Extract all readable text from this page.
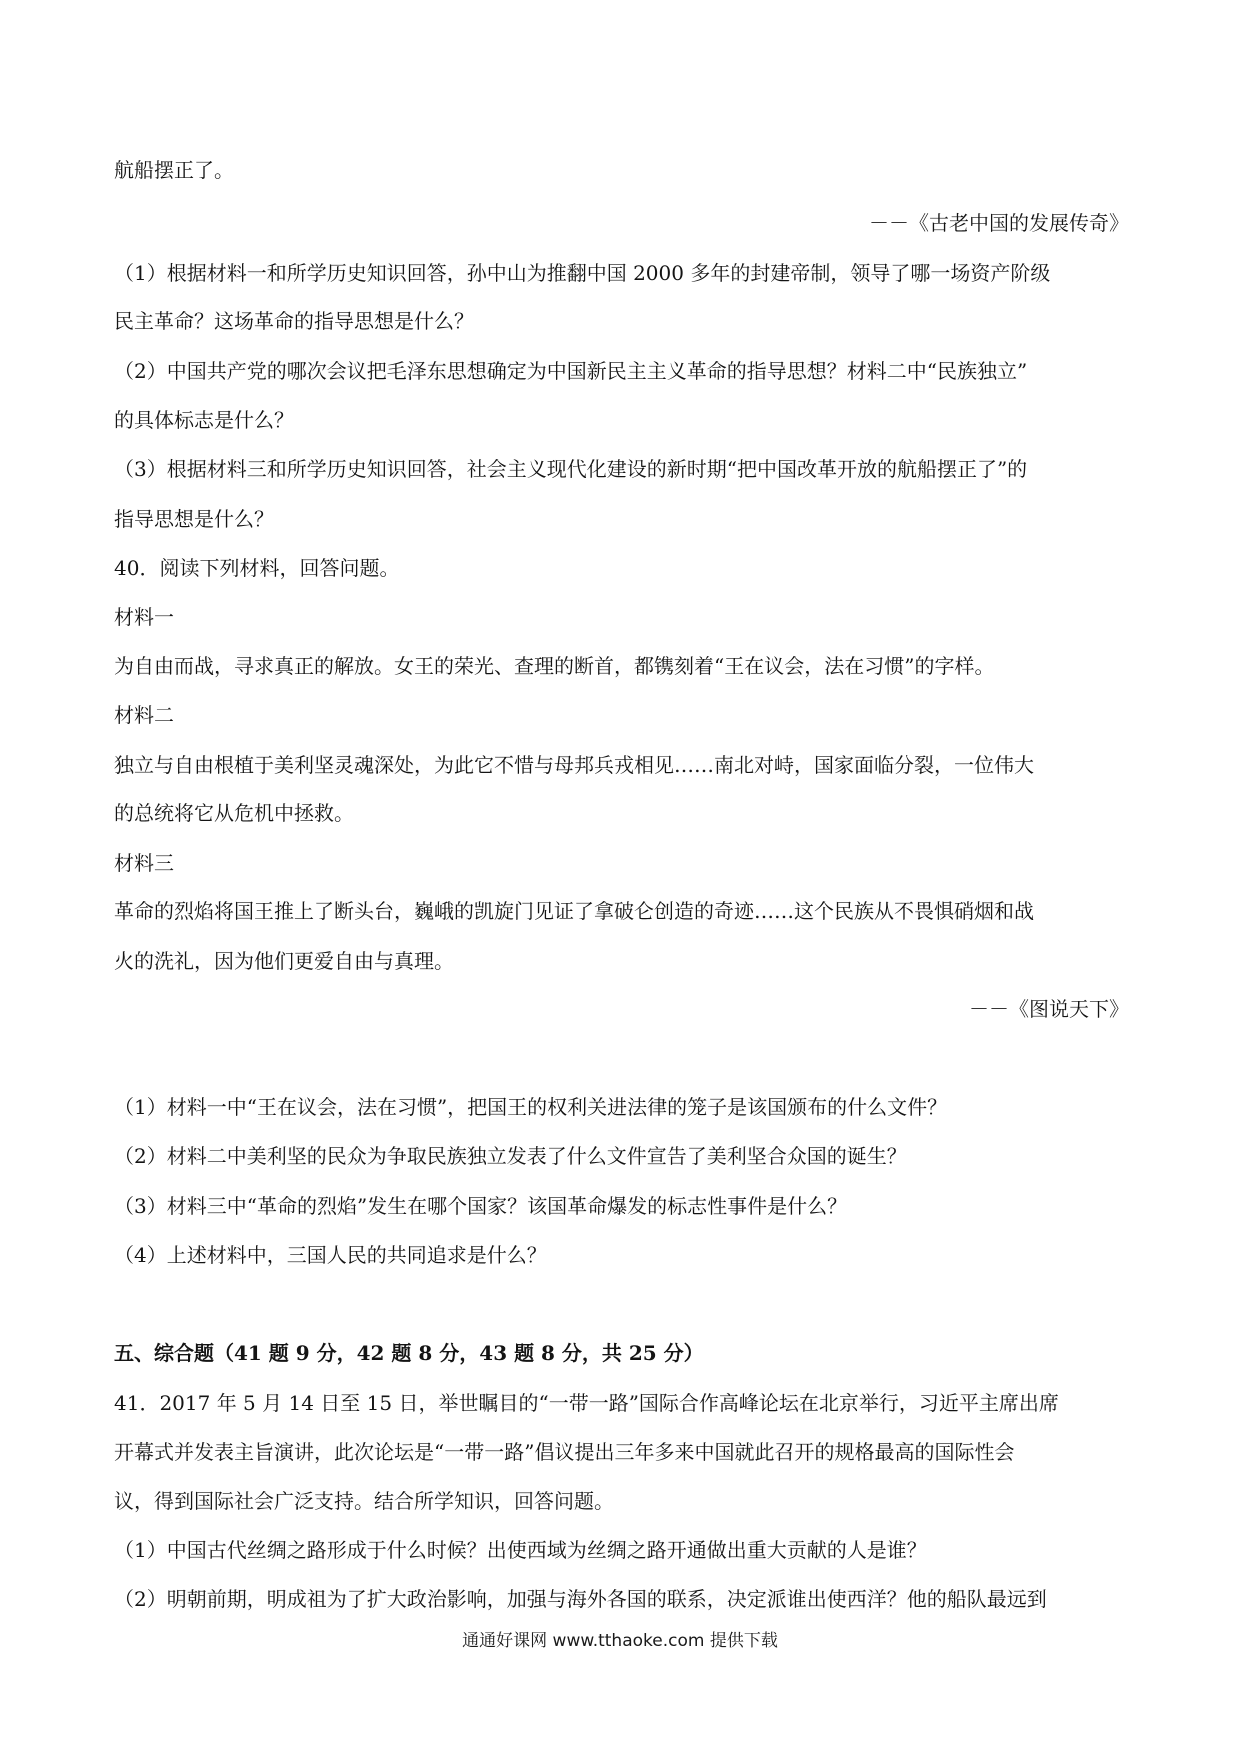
航船摆正了。
－－《古老中国的发展传奇》
（1）根据材料一和所学历史知识回答，孙中山为推翻中国 2000 多年的封建帝制，领导了哪一场资产阶级
民主革命？这场革命的指导思想是什么？
（2）中国共产党的哪次会议把毛泽东思想确定为中国新民主主义革命的指导思想？材料二中“民族独立”
的具体标志是什么？
（3）根据材料三和所学历史知识回答，社会主义现代化建设的新时期“把中国改革开放的航船摆正了”的
指导思想是什么？
40．阅读下列材料，回答问题。
材料一
为自由而战，寻求真正的解放。女王的荣光、查理的断首，都镌刻着“王在议会，法在习惯”的字样。
材料二
独立与自由根植于美利坚灵魂深处，为此它不惜与母邦兵戎相见……南北对峙，国家面临分裂，一位伟大
的总统将它从危机中拯救。
材料三
革命的烈焰将国王推上了断头台，巍峨的凯旋门见证了拿破仑创造的奇迹……这个民族从不畏惧硝烟和战
火的洗礼，因为他们更爱自由与真理。
－－《图说天下》
（1）材料一中“王在议会，法在习惯”，把国王的权利关进法律的笼子是该国颁布的什么文件？
（2）材料二中美利坚的民众为争取民族独立发表了什么文件宣告了美利坚合众国的诞生？
（3）材料三中“革命的烈焰”发生在哪个国家？该国革命爆发的标志性事件是什么？
（4）上述材料中，三国人民的共同追求是什么？
五、综合题（41 题 9 分，42 题 8 分，43 题 8 分，共 25 分）
41．2017 年 5 月 14 日至 15 日，举世瞩目的“一带一路”国际合作高峰论坛在北京举行，习近平主席出席
开幕式并发表主旨演讲，此次论坛是“一带一路”倡议提出三年多来中国就此召开的规格最高的国际性会
议，得到国际社会广泛支持。结合所学知识，回答问题。
（1）中国古代丝绸之路形成于什么时候？出使西域为丝绸之路开通做出重大贡献的人是谁？
（2）明朝前期，明成祖为了扩大政治影响，加强与海外各国的联系，决定派谁出使西洋？他的船队最远到
通通好课网 www.tthaoke.com 提供下载
